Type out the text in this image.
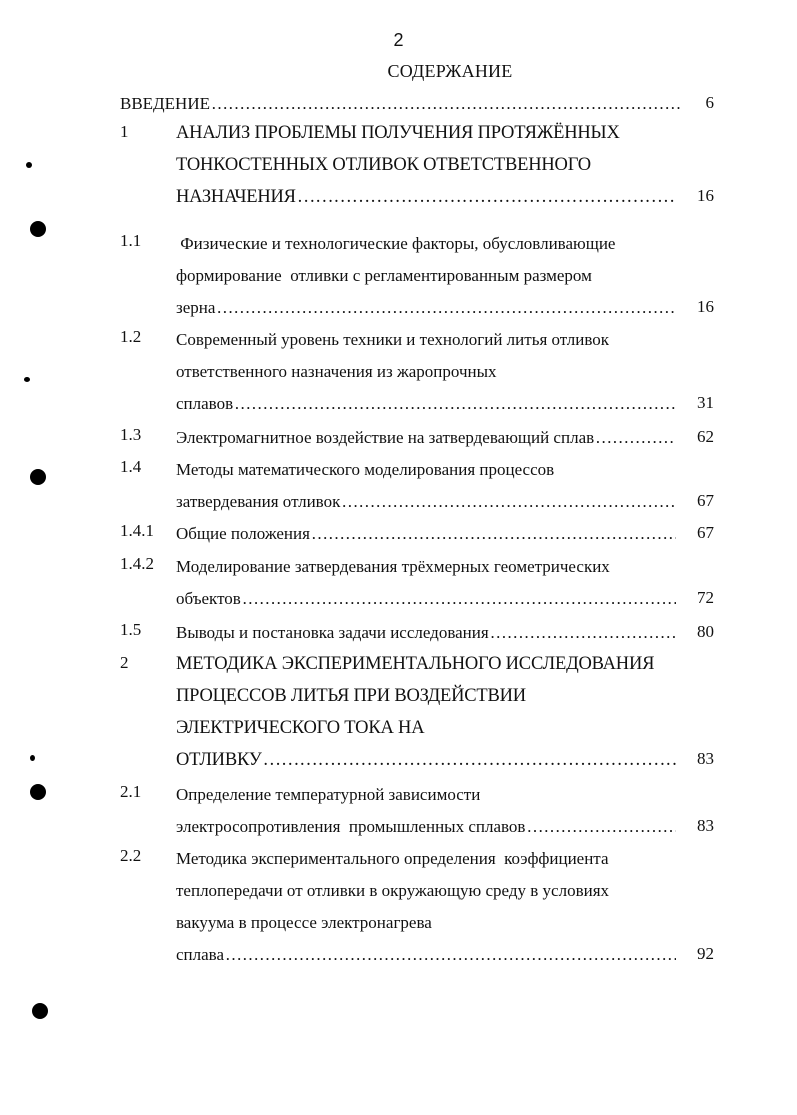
2
СОДЕРЖАНИЕ
ВВЕДЕНИЕ ………………………………………………………………………………………………………………………………………………	6
1	АНАЛИЗ ПРОБЛЕМЫ ПОЛУЧЕНИЯ ПРОТЯЖЁННЫХ
ТОНКОСТЕННЫХ ОТЛИВОК ОТВЕТСТВЕННОГО
НАЗНАЧЕНИЯ ………………………………………………………………………………………………………………………………………………	16
1.1 Физические и технологические факторы, обусловливающие
формирование  отливки с регламентированным размером
зерна ………………………………………………………………………………………………………………………………………………	16
1.2 Современный уровень техники и технологий литья отливок
ответственного назначения из жаропрочных
сплавов ………………………………………………………………………………………………………………………………………………	31
1.3 Электромагнитное воздействие на затвердевающий сплав ………………………………………………………………………………………………………………………………………………	62
1.4 Методы математического моделирования процессов
затвердевания отливок ………………………………………………………………………………………………………………………………………………	67
1.4.1 Общие положения ………………………………………………………………………………………………………………………………………………	67
1.4.2 Моделирование затвердевания трёхмерных геометрических
объектов ………………………………………………………………………………………………………………………………………………	72
1.5 Выводы и постановка задачи исследования ………………………………………………………………………………………………………………………………………………	80
2	МЕТОДИКА ЭКСПЕРИМЕНТАЛЬНОГО ИССЛЕДОВАНИЯ
ПРОЦЕССОВ ЛИТЬЯ ПРИ ВОЗДЕЙСТВИИ
ЭЛЕКТРИЧЕСКОГО ТОКА НА
ОТЛИВКУ ………………………………………………………………………………………………………………………………………………	83
2.1 Определение температурной зависимости
электросопротивления  промышленных сплавов ………………………………………………………………………………………………………………………………………………	83
2.2 Методика экспериментального определения  коэффициента
теплопередачи от отливки в окружающую среду в условиях
вакуума в процессе электронагрева
сплава ………………………………………………………………………………………………………………………………………………	92
